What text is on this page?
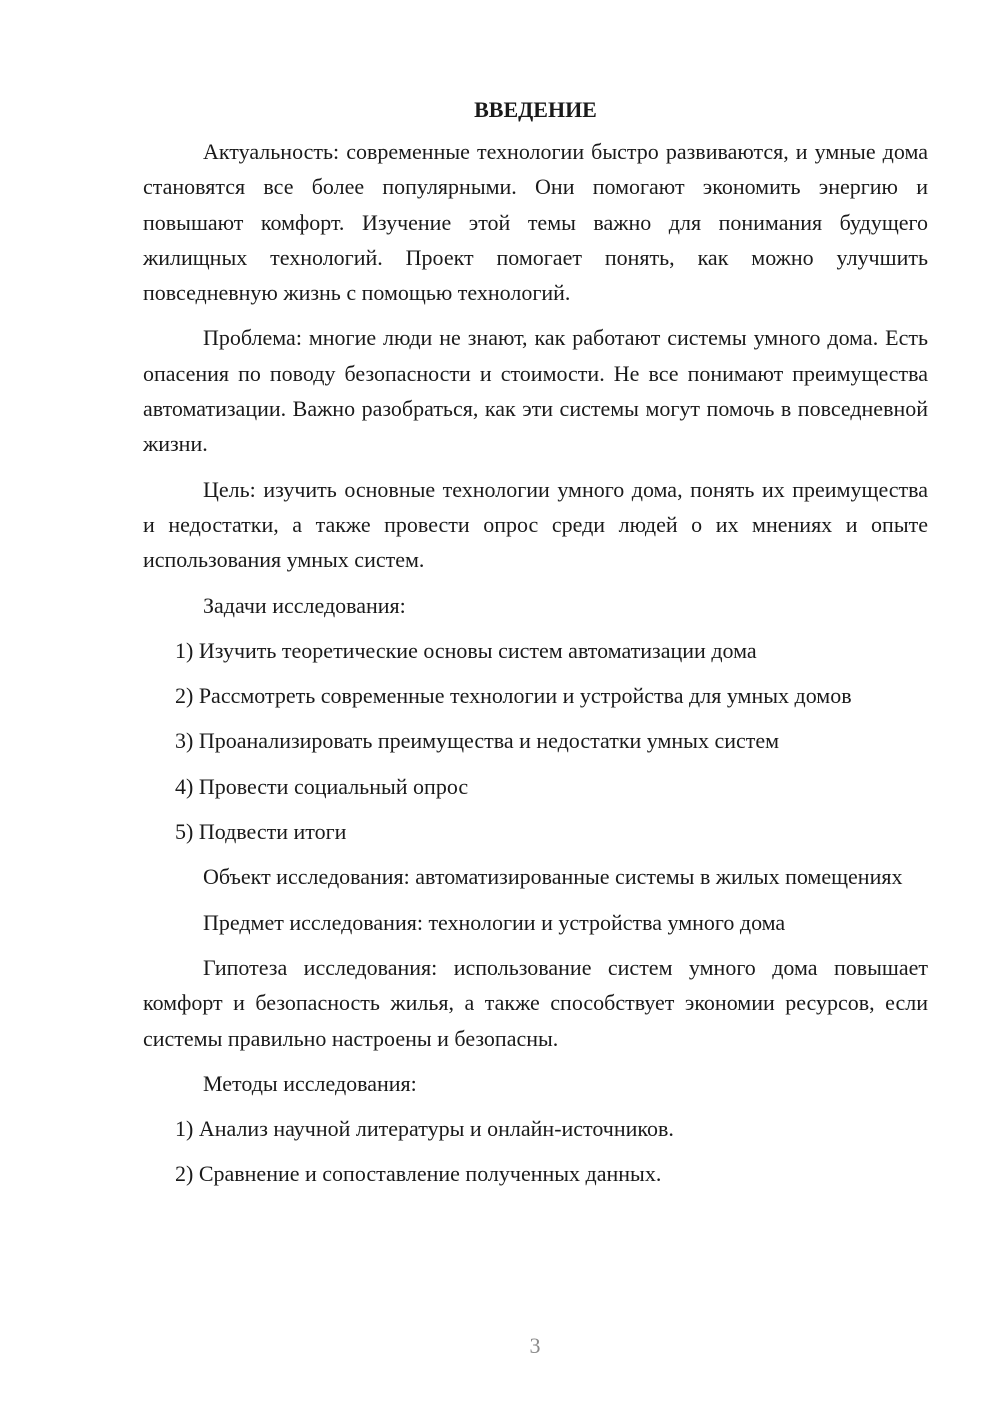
ВВЕДЕНИЕ

Актуальность: современные технологии быстро развиваются, и умные дома становятся все более популярными. Они помогают экономить энергию и повышают комфорт. Изучение этой темы важно для понимания будущего жилищных технологий. Проект помогает понять, как можно улучшить повседневную жизнь с помощью технологий.

Проблема: многие люди не знают, как работают системы умного дома. Есть опасения по поводу безопасности и стоимости. Не все понимают преимущества автоматизации. Важно разобраться, как эти системы могут помочь в повседневной жизни.

Цель: изучить основные технологии умного дома, понять их преимущества и недостатки, а также провести опрос среди людей о их мнениях и опыте использования умных систем.

Задачи исследования:

1) Изучить теоретические основы систем автоматизации дома

2) Рассмотреть современные технологии и устройства для умных домов

3) Проанализировать преимущества и недостатки умных систем

4) Провести социальный опрос

5) Подвести итоги

Объект исследования: автоматизированные системы в жилых помещениях

Предмет исследования: технологии и устройства умного дома

Гипотеза исследования: использование систем умного дома повышает комфорт и безопасность жилья, а также способствует экономии ресурсов, если системы правильно настроены и безопасны.

Методы исследования:

1) Анализ научной литературы и онлайн-источников.

2) Сравнение и сопоставление полученных данных.

3
